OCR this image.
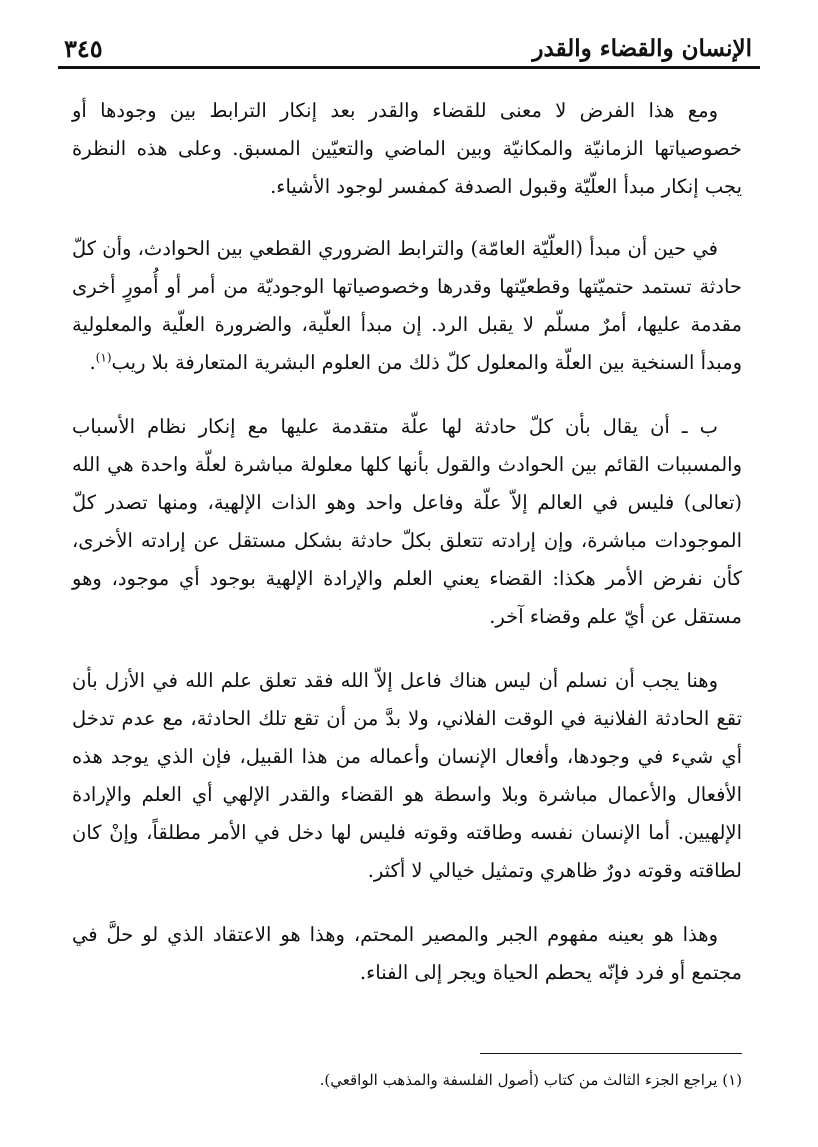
الإنسان والقضاء والقدر
٣٤٥

ومع هذا الفرض لا معنى للقضاء والقدر بعد إنكار الترابط بين وجودها أو خصوصياتها الزمانيّة والمكانيّة وبين الماضي والتعيّين المسبق. وعلى هذه النظرة يجب إنكار مبدأ العلّيّة وقبول الصدفة كمفسر لوجود الأشياء.

في حين أن مبدأ (العلّيّة العامّة) والترابط الضروري القطعي بين الحوادث، وأن كلّ حادثة تستمد حتميّتها وقطعيّتها وقدرها وخصوصياتها الوجوديّة من أمر أو أُمورٍ أخرى مقدمة عليها، أمرٌ مسلّم لا يقبل الرد. إن مبدأ العلّية، والضرورة العلّية والمعلولية ومبدأ السنخية بين العلّة والمعلول كلّ ذلك من العلوم البشرية المتعارفة بلا ريب$^{(١)}$.

ب ـ أن يقال بأن كلّ حادثة لها علّة متقدمة عليها مع إنكار نظام الأسباب والمسببات القائم بين الحوادث والقول بأنها كلها معلولة مباشرة لعلّة واحدة هي الله (تعالى) فليس في العالم إلاّ علّة وفاعل واحد وهو الذات الإلهية، ومنها تصدر كلّ الموجودات مباشرة، وإن إرادته تتعلق بكلّ حادثة بشكل مستقل عن إرادته الأخرى، كأن نفرض الأمر هكذا: القضاء يعني العلم والإرادة الإلهية بوجود أي موجود، وهو مستقل عن أيّ علم وقضاء آخر.

وهنا يجب أن نسلم أن ليس هناك فاعل إلاّ الله فقد تعلق علم الله في الأزل بأن تقع الحادثة الفلانية في الوقت الفلاني، ولا بدَّ من أن تقع تلك الحادثة، مع عدم تدخل أي شيء في وجودها، وأفعال الإنسان وأعماله من هذا القبيل، فإن الذي يوجد هذه الأفعال والأعمال مباشرة وبلا واسطة هو القضاء والقدر الإلهي أي العلم والإرادة الإلهيين. أما الإنسان نفسه وطاقته وقوته فليس لها دخل في الأمر مطلقاً، وإنْ كان لطاقته وقوته دورٌ ظاهري وتمثيل خيالي لا أكثر.

وهذا هو بعينه مفهوم الجبر والمصير المحتم، وهذا هو الاعتقاد الذي لو حلَّ في مجتمع أو فرد فإنّه يحطم الحياة ويجر إلى الفناء.

(١) يراجع الجزء الثالث من كتاب (أصول الفلسفة والمذهب الواقعي).
